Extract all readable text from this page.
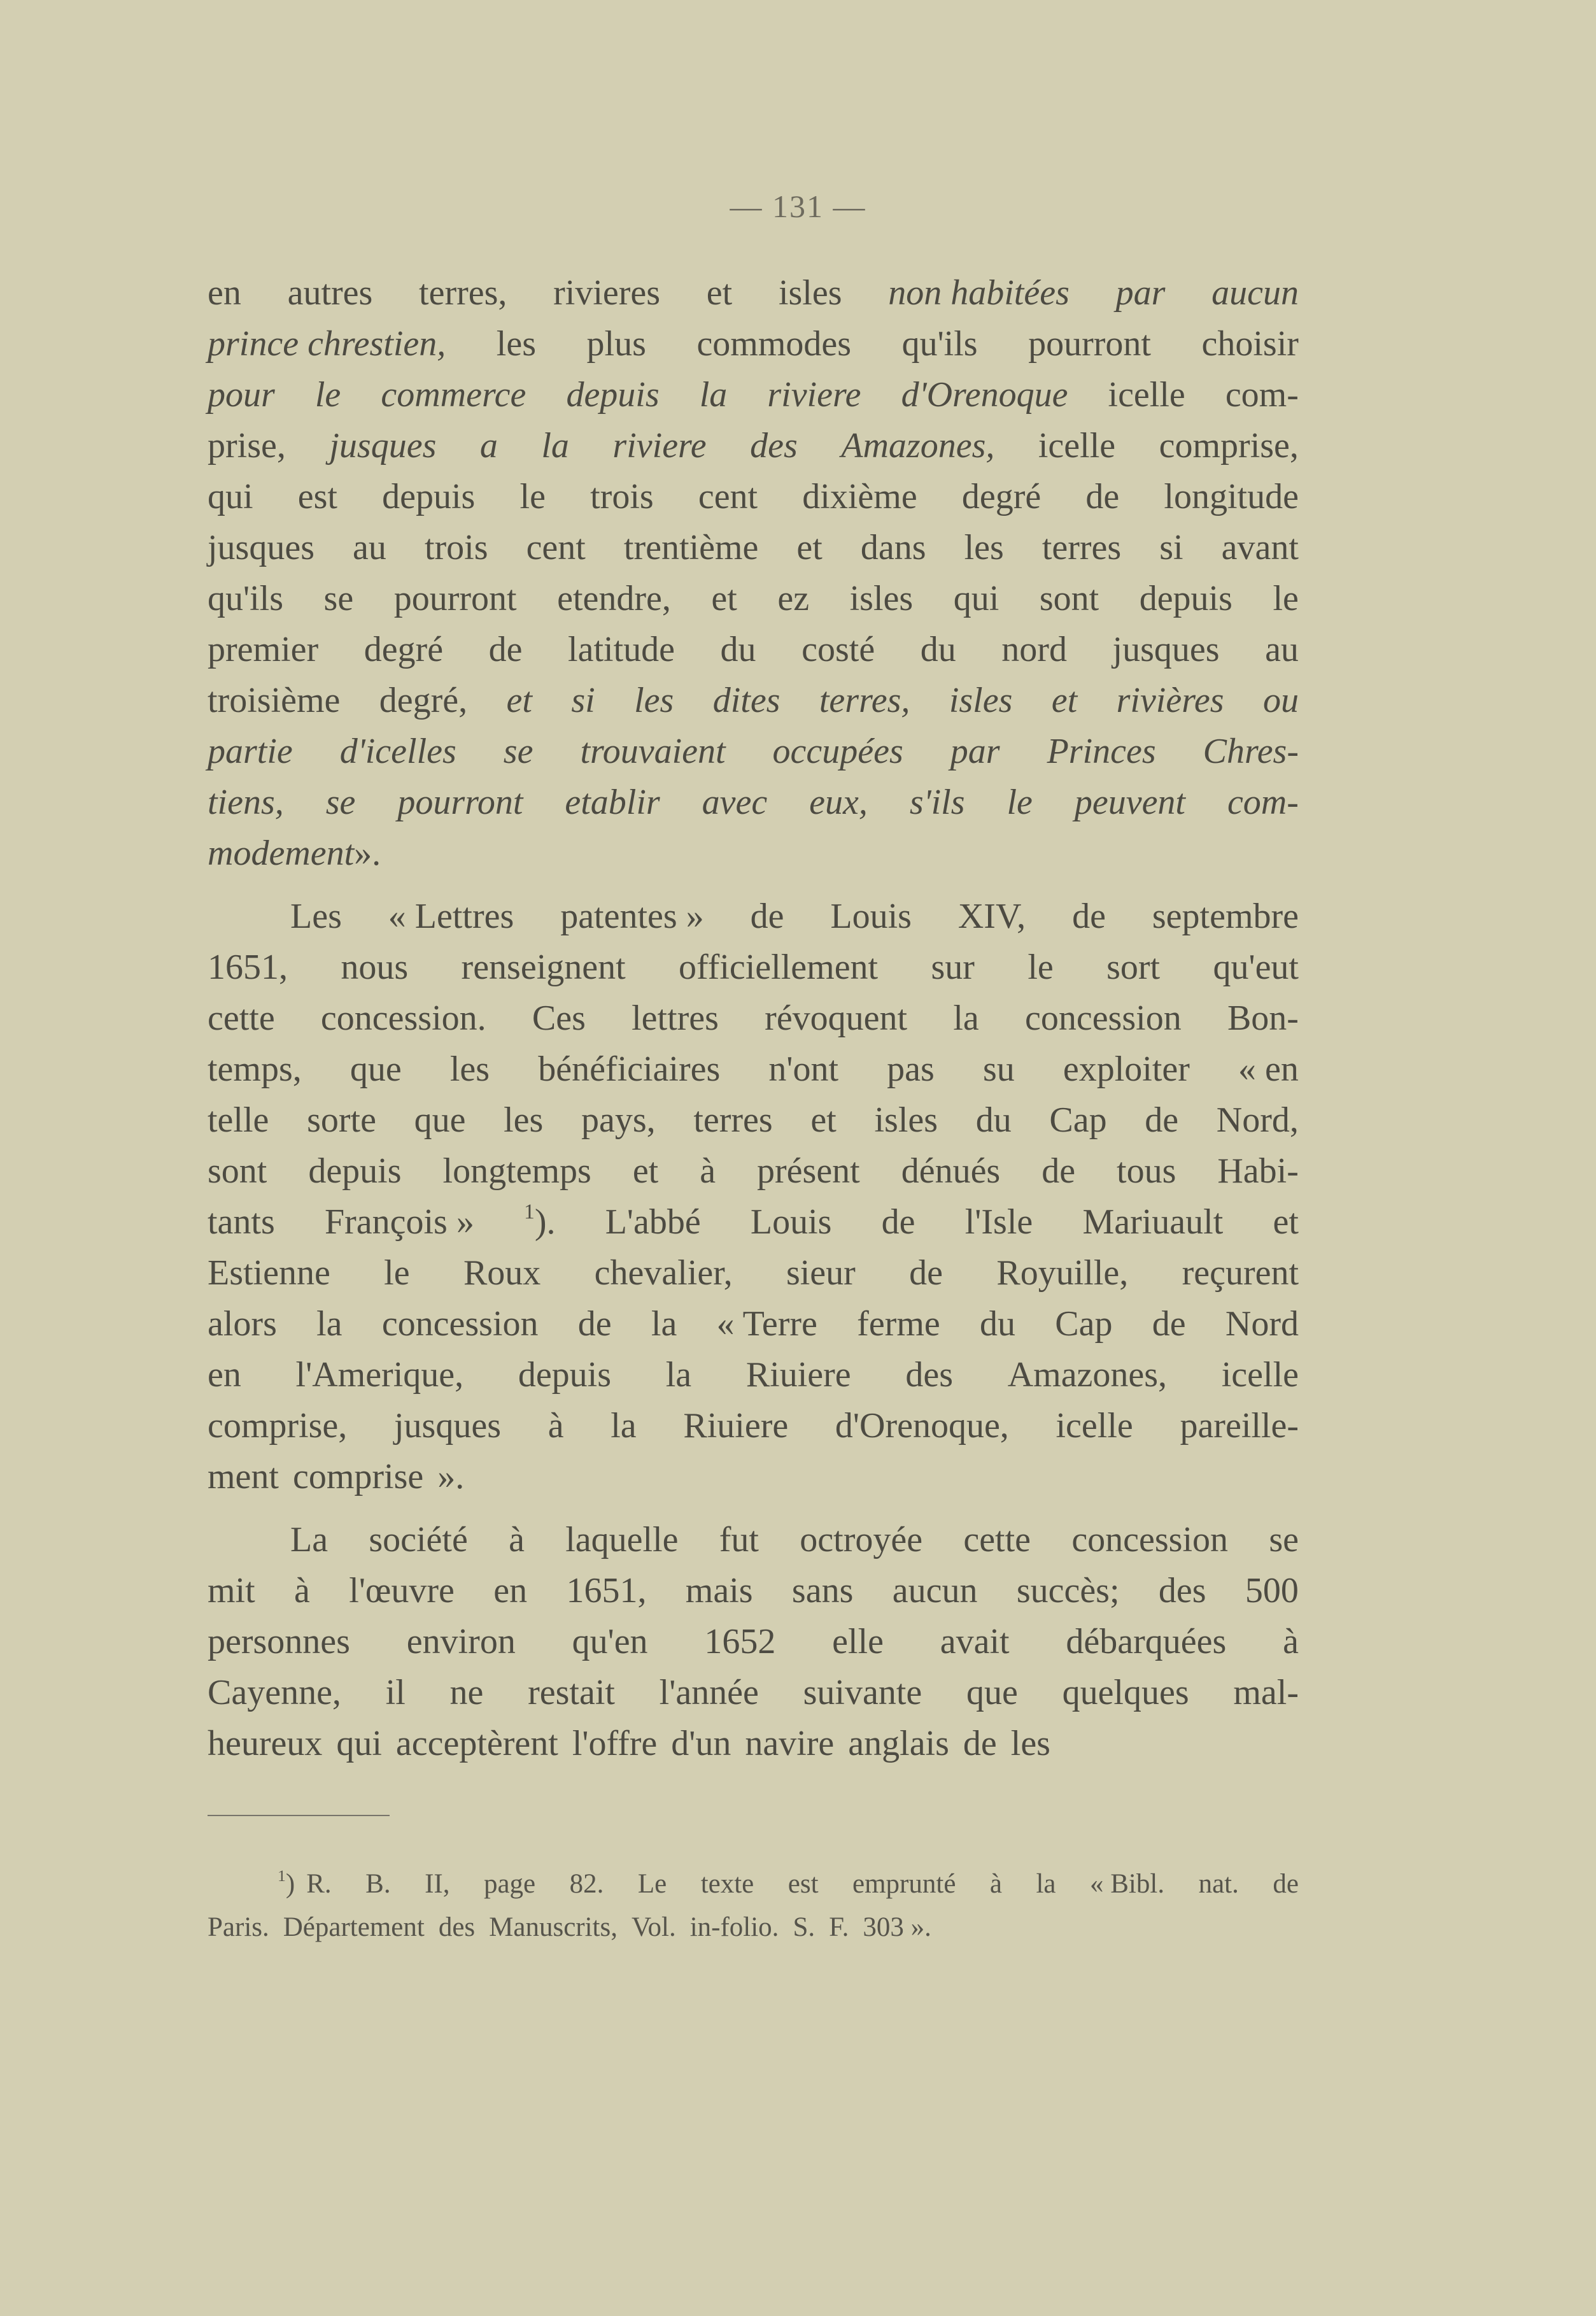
— 131 —
en autres terres, rivieres et isles non habitées par aucun
prince chrestien, les plus commodes qu'ils pourront choisir
pour le commerce depuis la riviere d'Orenoque icelle com-
prise, jusques a la riviere des Amazones, icelle comprise,
qui est depuis le trois cent dixième degré de longitude
jusques au trois cent trentième et dans les terres si avant
qu'ils se pourront etendre, et ez isles qui sont depuis le
premier degré de latitude du costé du nord jusques au
troisième degré, et si les dites terres, isles et rivières ou
partie d'icelles se trouvaient occupées par Princes Chres-
tiens, se pourront etablir avec eux, s'ils le peuvent com-
modement ».
Les « Lettres patentes » de Louis XIV, de septembre
1651, nous renseignent officiellement sur le sort qu'eut
cette concession. Ces lettres révoquent la concession Bon-
temps, que les bénéficiaires n'ont pas su exploiter « en
telle sorte que les pays, terres et isles du Cap de Nord,
sont depuis longtemps et à présent dénués de tous Habi-
tants François » $^1$). L'abbé Louis de l'Isle Mariuault et
Estienne le Roux chevalier, sieur de Royuille, reçurent
alors la concession de la « Terre ferme du Cap de Nord
en l'Amerique, depuis la Riuiere des Amazones, icelle
comprise, jusques à la Riuiere d'Orenoque, icelle pareille-
ment comprise ».
La société à laquelle fut octroyée cette concession se
mit à l'œuvre en 1651, mais sans aucun succès; des 500
personnes environ qu'en 1652 elle avait débarquées à
Cayenne, il ne restait l'année suivante que quelques mal-
heureux qui acceptèrent l'offre d'un navire anglais de les
$^1$) R. B. II, page 82. Le texte est emprunté à la « Bibl. nat. de
Paris. Département des Manuscrits, Vol. in-folio. S. F. 303 ».
